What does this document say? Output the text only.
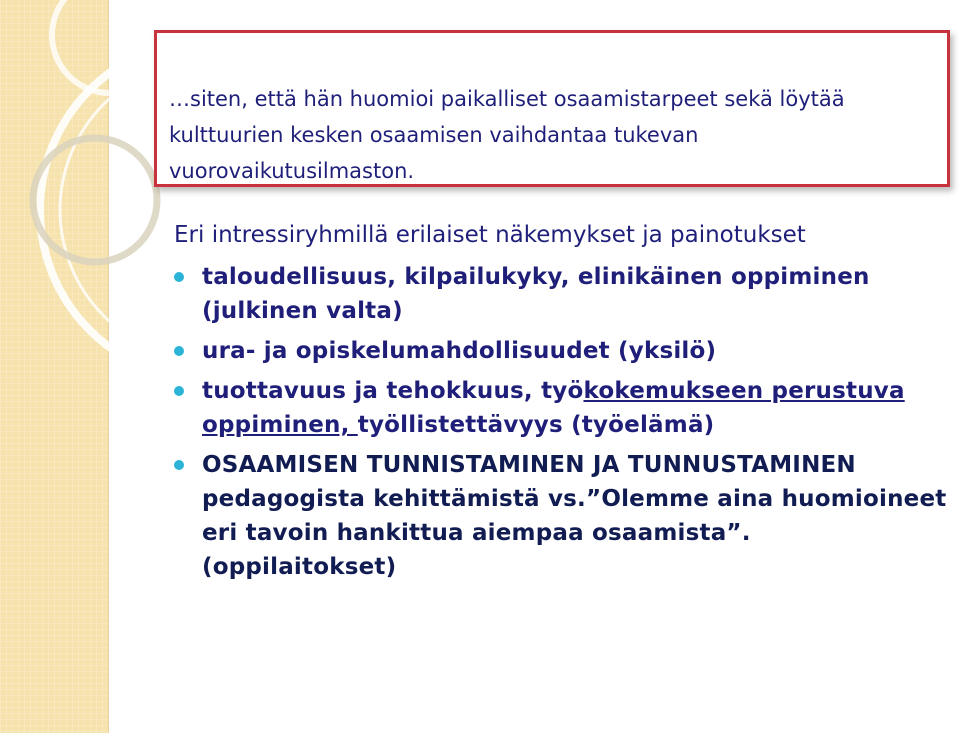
…siten, että hän huomioi paikalliset osaamistarpeet sekä löytää kulttuurien kesken osaamisen vaihdantaa tukevan vuorovaikutusilmaston.

Eri intressiryhmillä erilaiset näkemykset ja painotukset

taloudellisuus, kilpailukyky, elinikäinen oppiminen (julkinen valta)
ura- ja opiskelumahdollisuudet (yksilö)
tuottavuus ja tehokkuus, työkokemukseen perustuva oppiminen, työllistettävyys (työelämä)
OSAAMISEN TUNNISTAMINEN JA TUNNUSTAMINEN pedagogista kehittämistä vs.”Olemme aina huomioineet eri tavoin hankittua aiempaa osaamista”. (oppilaitokset)
